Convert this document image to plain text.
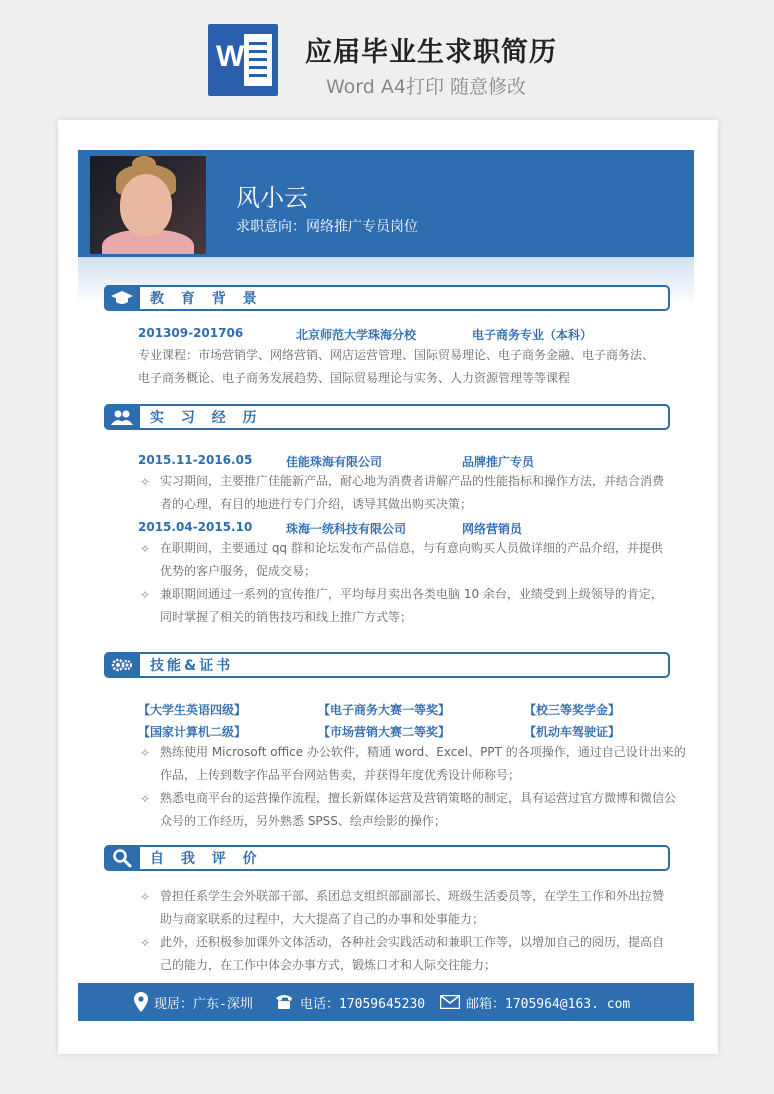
W 应届毕业生求职简历
Word A4打印 随意修改
风小云
求职意向：网络推广专员岗位
教 育 背 景
201309-201706	北京师范大学珠海分校	电子商务专业（本科）
专业课程：市场营销学、网络营销、网店运营管理、国际贸易理论、电子商务金融、电子商务法、
电子商务概论、电子商务发展趋势、国际贸易理论与实务、人力资源管理等等课程
实 习 经 历
2015.11-2016.05	佳能珠海有限公司	品牌推广专员
✧ 实习期间，主要推广佳能新产品，耐心地为消费者讲解产品的性能指标和操作方法，并结合消费
者的心理，有目的地进行专门介绍，诱导其做出购买决策；
2015.04-2015.10	珠海一统科技有限公司	网络营销员
✧ 在职期间，主要通过 qq 群和论坛发布产品信息，与有意向购买人员做详细的产品介绍，并提供
优势的客户服务，促成交易；
✧ 兼职期间通过一系列的宣传推广，平均每月卖出各类电脑 10 余台，业绩受到上级领导的肯定，
同时掌握了相关的销售技巧和线上推广方式等；
技能&证书
【大学生英语四级】	【电子商务大赛一等奖】	【校三等奖学金】
【国家计算机二级】	【市场营销大赛二等奖】	【机动车驾驶证】
✧ 熟练使用 Microsoft office 办公软件，精通 word、Excel、PPT 的各项操作，通过自己设计出来的
作品，上传到数字作品平台网站售卖，并获得年度优秀设计师称号；
✧ 熟悉电商平台的运营操作流程，擅长新媒体运营及营销策略的制定，具有运营过官方微博和微信公
众号的工作经历，另外熟悉 SPSS、绘声绘影的操作；
自 我 评 价
✧ 曾担任系学生会外联部干部、系团总支组织部副部长、班级生活委员等，在学生工作和外出拉赞
助与商家联系的过程中，大大提高了自己的办事和处事能力；
✧ 此外，还积极参加课外文体活动，各种社会实践活动和兼职工作等，以增加自己的阅历，提高自
己的能力，在工作中体会办事方式，锻炼口才和人际交往能力；
现居：广东-深圳	电话：17059645230	邮箱：1705964@163. com
